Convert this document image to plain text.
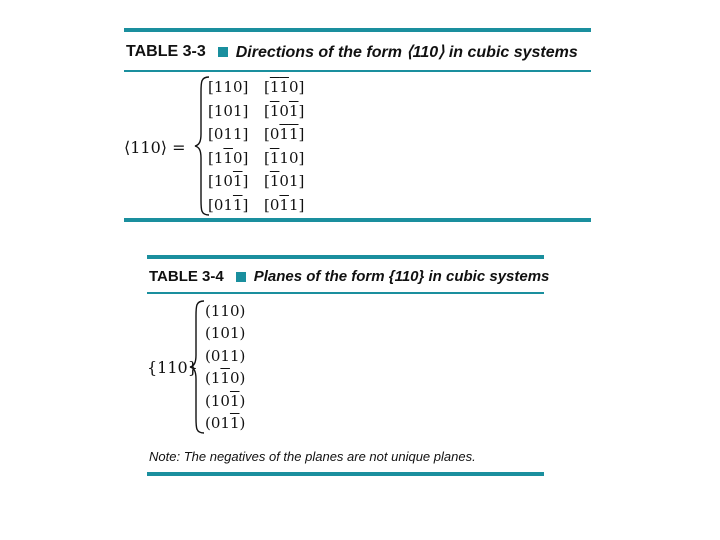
TABLE 3-3 Directions of the form ⟨110⟩ in cubic systems
⟨110⟩ =
[110] [110]
[101] [101]
[011] [011]
[110] [110]
[101] [101]
[011] [011]
TABLE 3-4 Planes of the form {110} in cubic systems
{110}
(110)
(101)
(011)
(110)
(101)
(011)
Note: The negatives of the planes are not unique planes.
